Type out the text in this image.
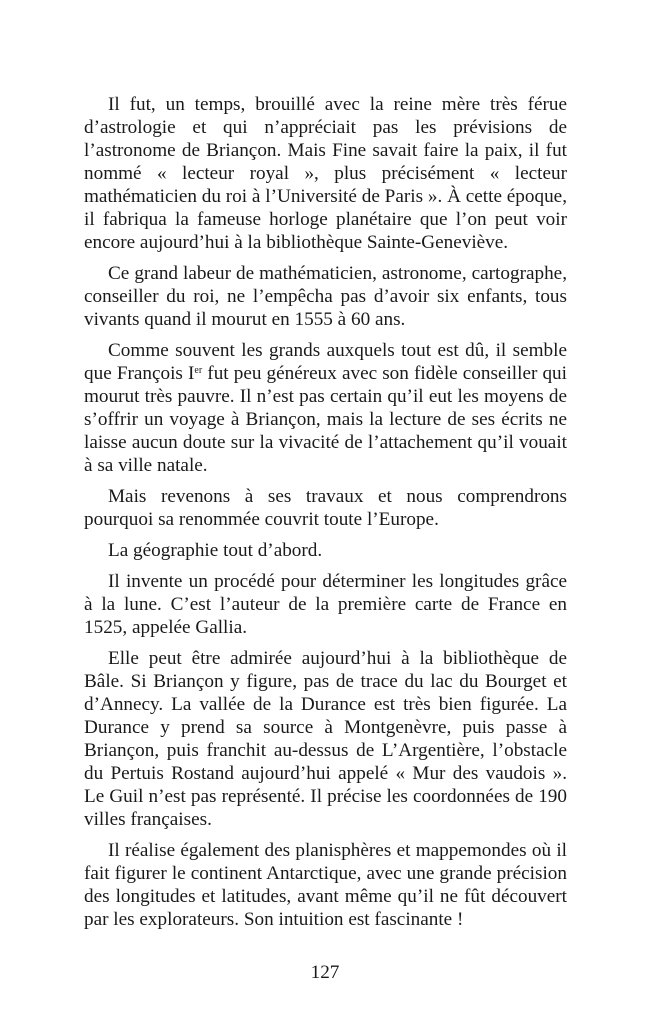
Il fut, un temps, brouillé avec la reine mère très férue d’astrologie et qui n’appréciait pas les prévisions de l’astronome de Briançon. Mais Fine savait faire la paix, il fut nommé « lecteur royal », plus précisément « lecteur mathématicien du roi à l’Université de Paris ». À cette époque, il fabriqua la fameuse horloge planétaire que l’on peut voir encore aujourd’hui à la bibliothèque Sainte-Geneviève.

Ce grand labeur de mathématicien, astronome, cartographe, conseiller du roi, ne l’empêcha pas d’avoir six enfants, tous vivants quand il mourut en 1555 à 60 ans.

Comme souvent les grands auxquels tout est dû, il semble que François Ier fut peu généreux avec son fidèle conseiller qui mourut très pauvre. Il n’est pas certain qu’il eut les moyens de s’offrir un voyage à Briançon, mais la lecture de ses écrits ne laisse aucun doute sur la vivacité de l’attachement qu’il vouait à sa ville natale.

Mais revenons à ses travaux et nous comprendrons pourquoi sa renommée couvrit toute l’Europe.

La géographie tout d’abord.

Il invente un procédé pour déterminer les longitudes grâce à la lune. C’est l’auteur de la première carte de France en 1525, appelée Gallia.

Elle peut être admirée aujourd’hui à la bibliothèque de Bâle. Si Briançon y figure, pas de trace du lac du Bourget et d’Annecy. La vallée de la Durance est très bien figurée. La Durance y prend sa source à Montgenèvre, puis passe à Briançon, puis franchit au-dessus de L’Argentière, l’obstacle du Pertuis Rostand aujourd’hui appelé « Mur des vaudois ». Le Guil n’est pas représenté. Il précise les coordonnées de 190 villes françaises.

Il réalise également des planisphères et mappemondes où il fait figurer le continent Antarctique, avec une grande précision des longitudes et latitudes, avant même qu’il ne fût découvert par les explorateurs. Son intuition est fascinante !

127
